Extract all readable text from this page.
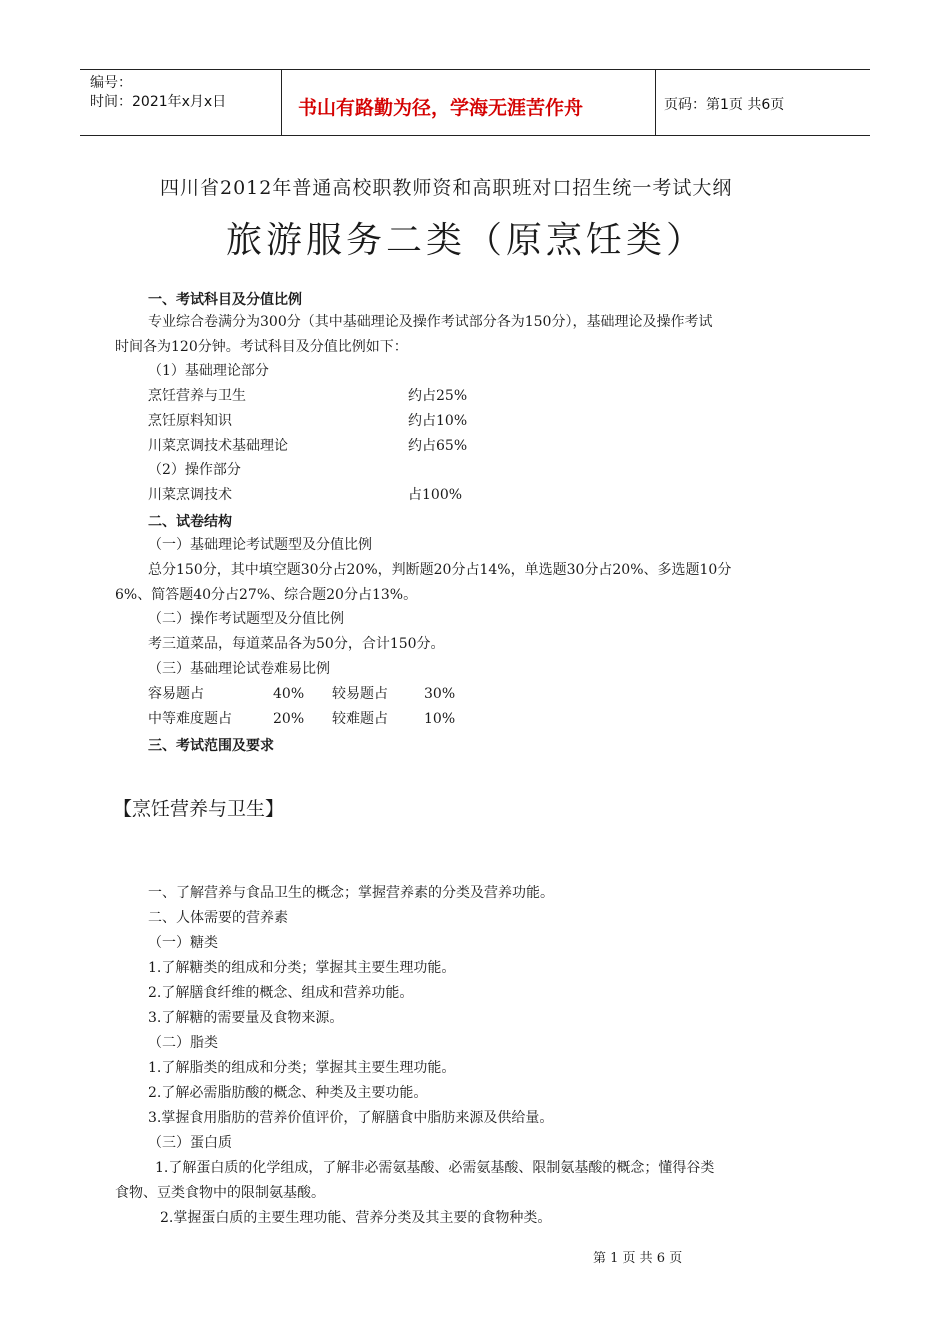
编号：
时间：2021年x月x日	书山有路勤为径，学海无涯苦作舟	页码：第1页 共6页
四川省2012年普通高校职教师资和高职班对口招生统一考试大纲
旅游服务二类（原烹饪类）
一、考试科目及分值比例
专业综合卷满分为300分（其中基础理论及操作考试部分各为150分），基础理论及操作考试
时间各为120分钟。考试科目及分值比例如下：
（1）基础理论部分
烹饪营养与卫生	约占25%
烹饪原料知识	约占10%
川菜烹调技术基础理论	约占65%
（2）操作部分
川菜烹调技术	占100%
二、试卷结构
（一）基础理论考试题型及分值比例
总分150分，其中填空题30分占20%，判断题20分占14%，单选题30分占20%、多选题10分
6%、简答题40分占27%、综合题20分占13%。
（二）操作考试题型及分值比例
考三道菜品，每道菜品各为50分，合计150分。
（三）基础理论试卷难易比例
容易题占	40% 较易题占	30%
中等难度题占	20% 较难题占	10%
三、考试范围及要求
【烹饪营养与卫生】
一、了解营养与食品卫生的概念；掌握营养素的分类及营养功能。
二、人体需要的营养素
（一）糖类
1.了解糖类的组成和分类；掌握其主要生理功能。
2.了解膳食纤维的概念、组成和营养功能。
3.了解糖的需要量及食物来源。
（二）脂类
1.了解脂类的组成和分类；掌握其主要生理功能。
2.了解必需脂肪酸的概念、种类及主要功能。
3.掌握食用脂肪的营养价值评价，了解膳食中脂肪来源及供给量。
（三）蛋白质
1.了解蛋白质的化学组成，了解非必需氨基酸、必需氨基酸、限制氨基酸的概念；懂得谷类
食物、豆类食物中的限制氨基酸。
2.掌握蛋白质的主要生理功能、营养分类及其主要的食物种类。
第 1 页 共 6 页
